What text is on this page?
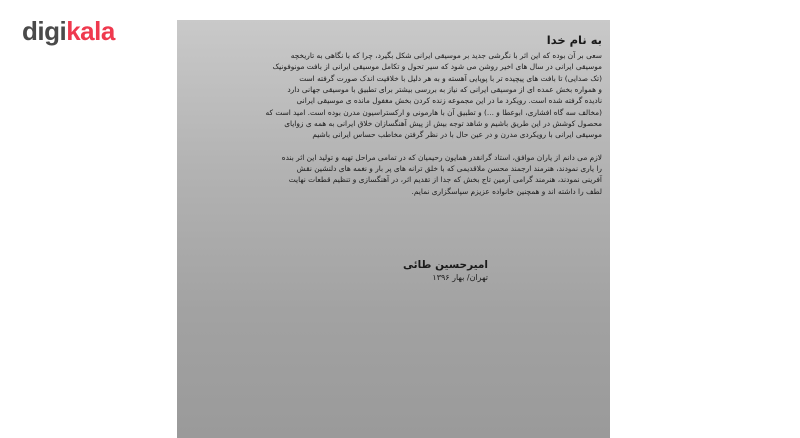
digikala	به نام خدا

سعی بر آن بوده که این اثر با نگرشی جدید بر موسیقی ایرانی شکل بگیرد، چرا که با نگاهی به تاریخچه

موسیقی ایرانی در سال های اخیر روشن می شود که سیر تحول و تکامل موسیقی ایرانی از بافت مونوفونیک

(تک صدایی) تا بافت های پیچیده تر با پویایی آهسته و به هر دلیل با خلاقیت اندک صورت گرفته است

و همواره بخش عمده ای از موسیقی ایرانی که نیاز به بررسی بیشتر برای تطبیق با موسیقی جهانی دارد

نادیده گرفته شده است. رویکرد ما در این مجموعه زنده کردن بخش مغفول مانده ی موسیقی ایرانی

(مخالف سه گاه افشاری، ابوعطا و ...) و تطبیق آن با هارمونی و ارکستراسیون مدرن بوده است. امید است که

محصول کوشش در این طریق باشیم و شاهد توجه بیش از پیش آهنگسازان خلاق ایرانی به همه ی زوایای

موسیقی ایرانی با رویکردی مدرن و در عین حال با در نظر گرفتن مخاطب حساس ایرانی باشیم

لازم می دانم از یاران موافق، استاد گرانقدر همایون رحیمیان که در تمامی مراحل تهیه و تولید این اثر بنده

را یاری نمودند، هنرمند ارجمند محسن ملاقدیمی که با خلق ترانه های پر بار و نغمه های دلنشین نقش

آفرینی نمودند، هنرمند گرامی آرمین تاج بخش که جدا از تقدیم اثر، در آهنگسازی و تنظیم قطعات نهایت

لطف را داشته اند و همچنین خانواده عزیزم سپاسگزاری نمایم.

امیرحسین طائی
تهران/ بهار ۱۳۹۶
